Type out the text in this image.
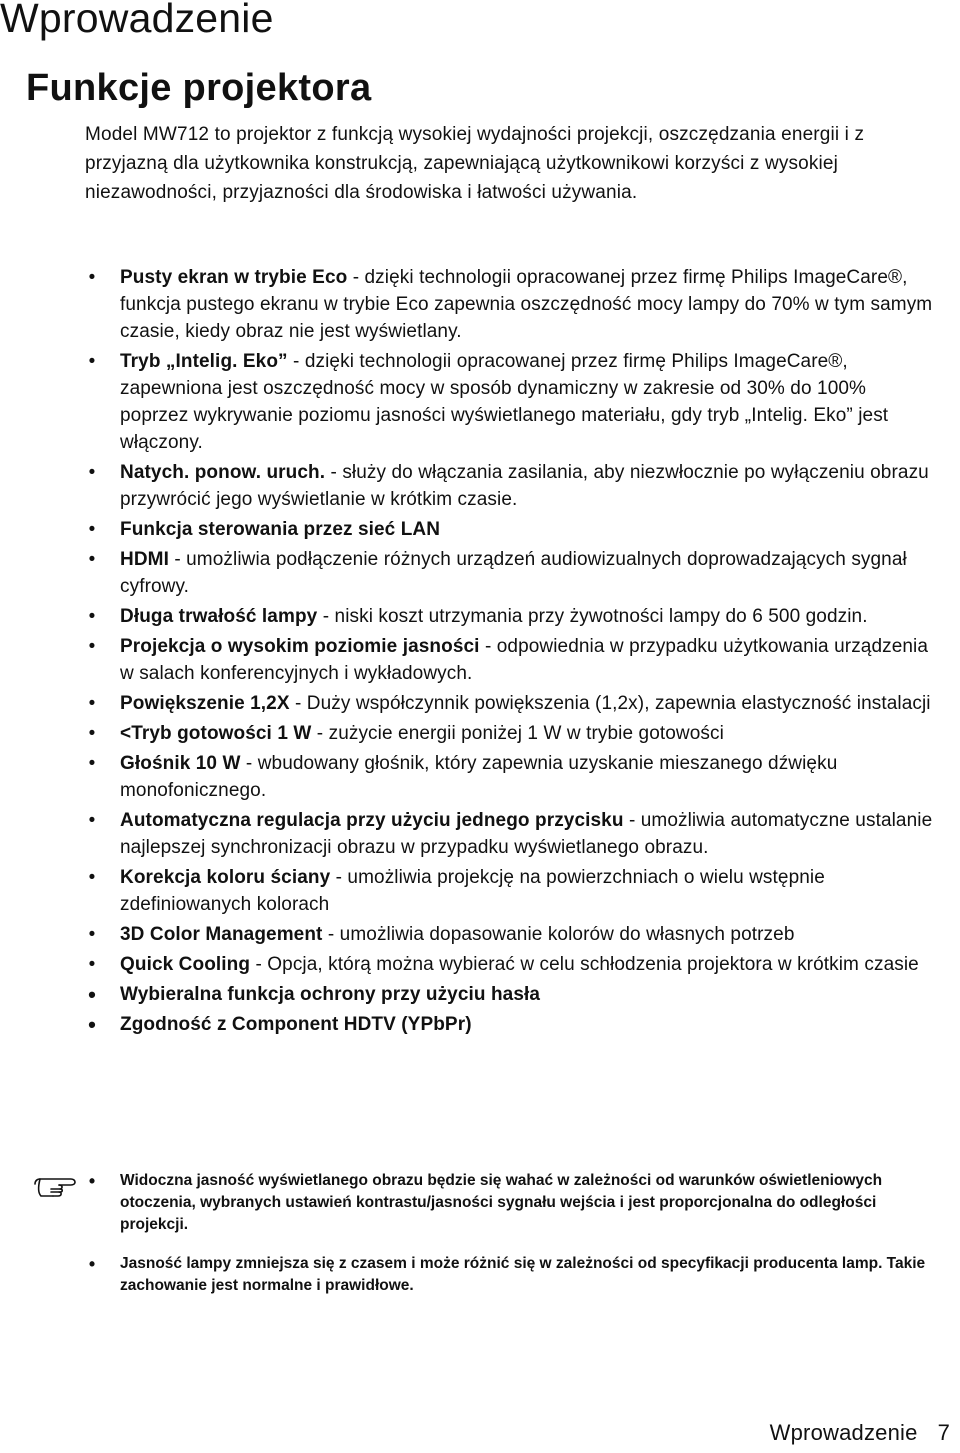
Wprowadzenie
Funkcje projektora

Model MW712 to projektor z funkcją wysokiej wydajności projekcji, oszczędzania energii i z przyjazną dla użytkownika konstrukcją, zapewniającą użytkownikowi korzyści z wysokiej niezawodności, przyjazności dla środowiska i łatwości używania.

• Pusty ekran w trybie Eco - dzięki technologii opracowanej przez firmę Philips ImageCare®, funkcja pustego ekranu w trybie Eco zapewnia oszczędność mocy lampy do 70% w tym samym czasie, kiedy obraz nie jest wyświetlany.
• Tryb „Intelig. Eko” - dzięki technologii opracowanej przez firmę Philips ImageCare®, zapewniona jest oszczędność mocy w sposób dynamiczny w zakresie od 30% do 100% poprzez wykrywanie poziomu jasności wyświetlanego materiału, gdy tryb „Intelig. Eko” jest włączony.
• Natych. ponow. uruch. - służy do włączania zasilania, aby niezwłocznie po wyłączeniu obrazu przywrócić jego wyświetlanie w krótkim czasie.
• Funkcja sterowania przez sieć LAN
• HDMI - umożliwia podłączenie różnych urządzeń audiowizualnych doprowadzających sygnał cyfrowy.
• Długa trwałość lampy - niski koszt utrzymania przy żywotności lampy do 6 500 godzin.
• Projekcja o wysokim poziomie jasności - odpowiednia w przypadku użytkowania urządzenia w salach konferencyjnych i wykładowych.
• Powiększenie 1,2X - Duży współczynnik powiększenia (1,2x), zapewnia elastyczność instalacji
• <Tryb gotowości 1 W - zużycie energii poniżej 1 W w trybie gotowości
• Głośnik 10 W - wbudowany głośnik, który zapewnia uzyskanie mieszanego dźwięku monofonicznego.
• Automatyczna regulacja przy użyciu jednego przycisku - umożliwia automatyczne ustalanie najlepszej synchronizacji obrazu w przypadku wyświetlanego obrazu.
• Korekcja koloru ściany - umożliwia projekcję na powierzchniach o wielu wstępnie zdefiniowanych kolorach
• 3D Color Management - umożliwia dopasowanie kolorów do własnych potrzeb
• Quick Cooling - Opcja, którą można wybierać w celu schłodzenia projektora w krótkim czasie
• Wybieralna funkcja ochrony przy użyciu hasła
• Zgodność z Component HDTV (YPbPr)
• Widoczna jasność wyświetlanego obrazu będzie się wahać w zależności od warunków oświetleniowych otoczenia, wybranych ustawień kontrastu/jasności sygnału wejścia i jest proporcjonalna do odległości projekcji.
• Jasność lampy zmniejsza się z czasem i może różnić się w zależności od specyfikacji producenta lamp. Takie zachowanie jest normalne i prawidłowe.
Wprowadzenie 7
